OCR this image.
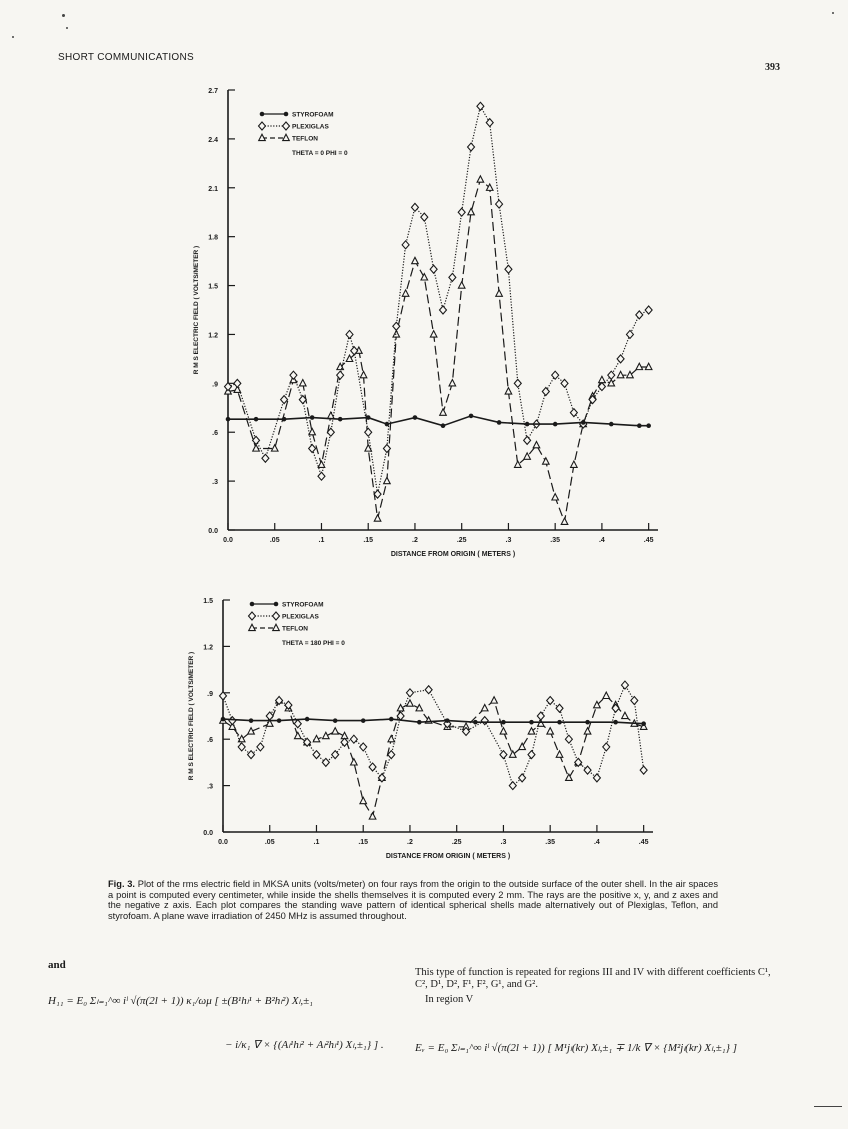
SHORT COMMUNICATIONS
393
0.0	.05	.1	.15	.2	.25	.3	.35	.4	.45
0.0
.3
.6
.9
1.2
1.5
1.8
2.1
2.4
2.7
DISTANCE FROM ORIGIN ( METERS )
R M S ELECTRIC FIELD ( VOLTS/METER )
STYROFOAM
PLEXIGLAS
TEFLON
THETA = 0 PHI = 0
0.0	.05	.1	.15	.2	.25	.3	.35	.4	.45
0.0
.3
.6
.9
1.2
1.5
DISTANCE FROM ORIGIN ( METERS )
R M S ELECTRIC FIELD ( VOLTS/METER )
STYROFOAM
PLEXIGLAS
TEFLON
THETA = 180 PHI = 0
Fig. 3. Plot of the rms electric field in MKSA units (volts/meter) on four rays from the origin to the outside surface of the outer shell. In the air spaces a point is computed every centimeter, while inside the shells themselves it is computed every 2 mm. The rays are the positive x, y, and z axes and the negative z axis. Each plot compares the standing wave pattern of identical spherical shells made alternatively out of Plexiglas, Teflon, and styrofoam. A plane wave irradiation of 2450 MHz is assumed throughout.
and
H₁₁ = E₀ Σₗ₌₁^∞ iˡ √(π(2l + 1)) κ₁/ωμ [ ±(B¹hₗ¹ + B²hₗ²) Xₗ,±₁
− i/κ₁ ∇ × {(Aₗ¹hₗ² + Aₗ²hₗ¹) Xₗ,±₁} ] .
This type of function is repeated for regions III and IV with different coefficients C¹, C², D¹, D², F¹, F², G¹, and G².
In region V
Eᵥ = E₀ Σₗ₌₁^∞ iˡ √(π(2l + 1)) [ M¹jₗ(kr) Xₗ,±₁ ∓ 1/k ∇ × {M²jₗ(kr) Xₗ,±₁} ]
